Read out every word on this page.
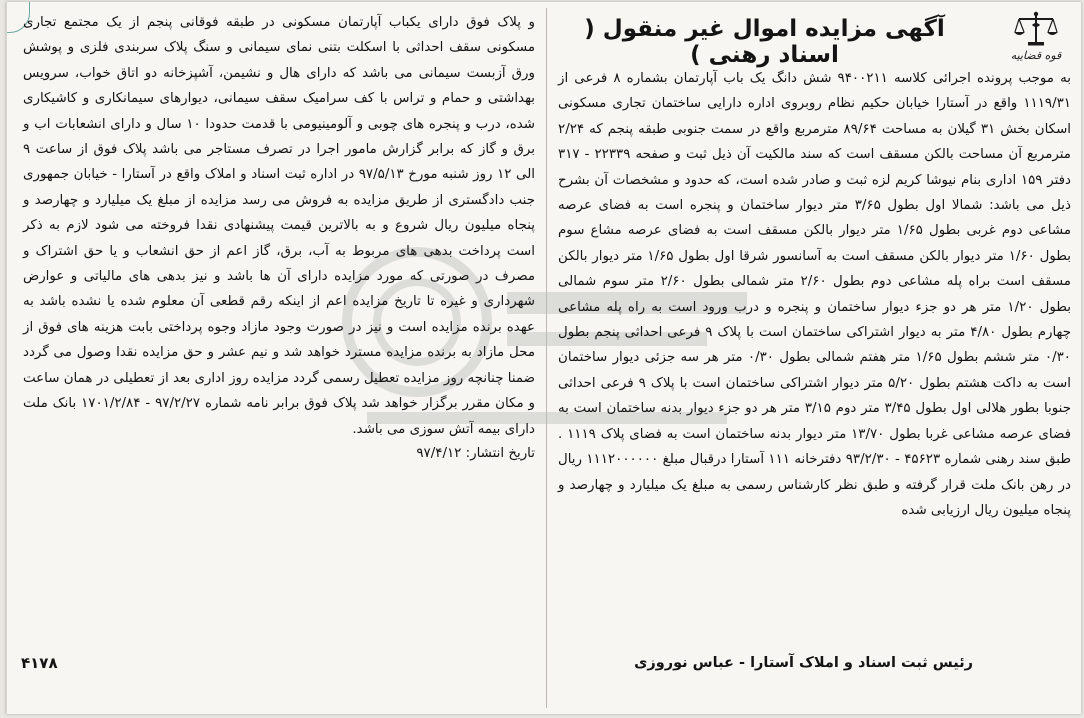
قوه قضاییه
آگهی مزایده اموال غیر منقول ( اسناد رهنی )

به موجب پرونده اجرائی کلاسه ۹۴۰۰۲۱۱ شش دانگ یک باب آپارتمان بشماره ۸ فرعی از ۱۱۱۹/۳۱ واقع در آستارا خیابان حکیم نظام روبروی اداره دارایی ساختمان تجاری مسکونی اسکان بخش ۳۱ گیلان به مساحت ۸۹/۶۴ مترمربع واقع در سمت جنوبی طبقه پنجم که ۲/۲۴ مترمربع آن مساحت بالکن مسقف است که سند مالکیت آن ذیل ثبت و صفحه ۲۲۳۳۹ - ۳۱۷ دفتر ۱۵۹ اداری بنام نیوشا کریم لزه ثبت و صادر شده است، که حدود و مشخصات آن بشرح ذیل می باشد: شمالا اول بطول ۳/۶۵ متر دیوار ساختمان و پنجره است به فضای عرصه مشاعی دوم غربی بطول ۱/۶۵ متر دیوار بالکن مسقف است به فضای عرصه مشاع سوم بطول ۱/۶۰ متر دیوار بالکن مسقف است به آسانسور شرقا اول بطول ۱/۶۵ متر دیوار بالکن مسقف است براه پله مشاعی دوم بطول ۲/۶۰ متر شمالی بطول ۲/۶۰ متر سوم شمالی بطول ۱/۲۰ متر هر دو جزء دیوار ساختمان و پنجره و درب ورود است به راه پله مشاعی چهارم بطول ۴/۸۰ متر به دیوار اشتراکی ساختمان است با پلاک ۹ فرعی احداثی پنجم بطول ۰/۳۰ متر ششم بطول ۱/۶۵ متر هفتم شمالی بطول ۰/۳۰ متر هر سه جزئی دیوار ساختمان است به داکت هشتم بطول ۵/۲۰ متر دیوار اشتراکی ساختمان است با پلاک ۹ فرعی احداثی جنوبا بطور هلالی اول بطول ۳/۴۵ متر دوم ۳/۱۵ متر هر دو جزء دیوار بدنه ساختمان است به فضای عرصه مشاعی غربا بطول ۱۳/۷۰ متر دیوار بدنه ساختمان است به فضای پلاک ۱۱۱۹ . طبق سند رهنی شماره ۴۵۶۲۳ - ۹۳/۲/۳۰ دفترخانه ۱۱۱ آستارا درقبال مبلغ ۱۱۱۲۰۰۰۰۰۰ ریال در رهن بانک ملت قرار گرفته و طبق نظر کارشناس رسمی به مبلغ یک میلیارد و چهارصد و پنجاه میلیون ریال ارزیابی شده

و پلاک فوق دارای یکباب آپارتمان مسکونی در طبقه فوقانی پنجم از یک مجتمع تجاری مسکونی سقف احداثی با اسکلت بتنی نمای سیمانی و سنگ پلاک سربندی فلزی و پوشش ورق آزبست سیمانی می باشد که دارای هال و نشیمن، آشپزخانه دو اتاق خواب، سرویس بهداشتی و حمام و تراس با کف سرامیک سقف سیمانی، دیوارهای سیمانکاری و کاشیکاری شده، درب و پنجره های چوبی و آلومینیومی با قدمت حدودا ۱۰ سال و دارای انشعابات اب و برق و گاز که برابر گزارش مامور اجرا در تصرف مستاجر می باشد پلاک فوق از ساعت ۹ الی ۱۲ روز شنبه مورخ ۹۷/۵/۱۳ در اداره ثبت اسناد و املاک واقع در آستارا - خیابان جمهوری جنب دادگستری از طریق مزایده به فروش می رسد مزایده از مبلغ یک میلیارد و چهارصد و پنجاه میلیون ریال شروع و به بالاترین قیمت پیشنهادی نقدا فروخته می شود لازم به ذکر است پرداخت بدهی های مربوط به آب، برق، گاز اعم از حق انشعاب و یا حق اشتراک و مصرف در صورتی که مورد مزایده دارای آن ها باشد و نیز بدهی های مالیاتی و عوارض شهرداری و غیره تا تاریخ مزایده اعم از اینکه رقم قطعی آن معلوم شده یا نشده باشد به عهده برنده مزایده است و نیز در صورت وجود مازاد وجوه پرداختی بابت هزینه های فوق از محل مازاد به برنده مزایده مسترد خواهد شد و نیم عشر و حق مزایده نقدا وصول می گردد ضمنا چنانچه روز مزایده تعطیل رسمی گردد مزایده روز اداری بعد از تعطیلی در همان ساعت و مکان مقرر برگزار خواهد شد پلاک فوق برابر نامه شماره ۹۷/۲/۲۷ - ۱۷۰۱/۲/۸۴ بانک ملت دارای بیمه آتش سوزی می باشد.

تاریخ انتشار: ۹۷/۴/۱۲
رئیس ثبت اسناد و املاک آستارا - عباس نوروزی
۴۱۷۸
